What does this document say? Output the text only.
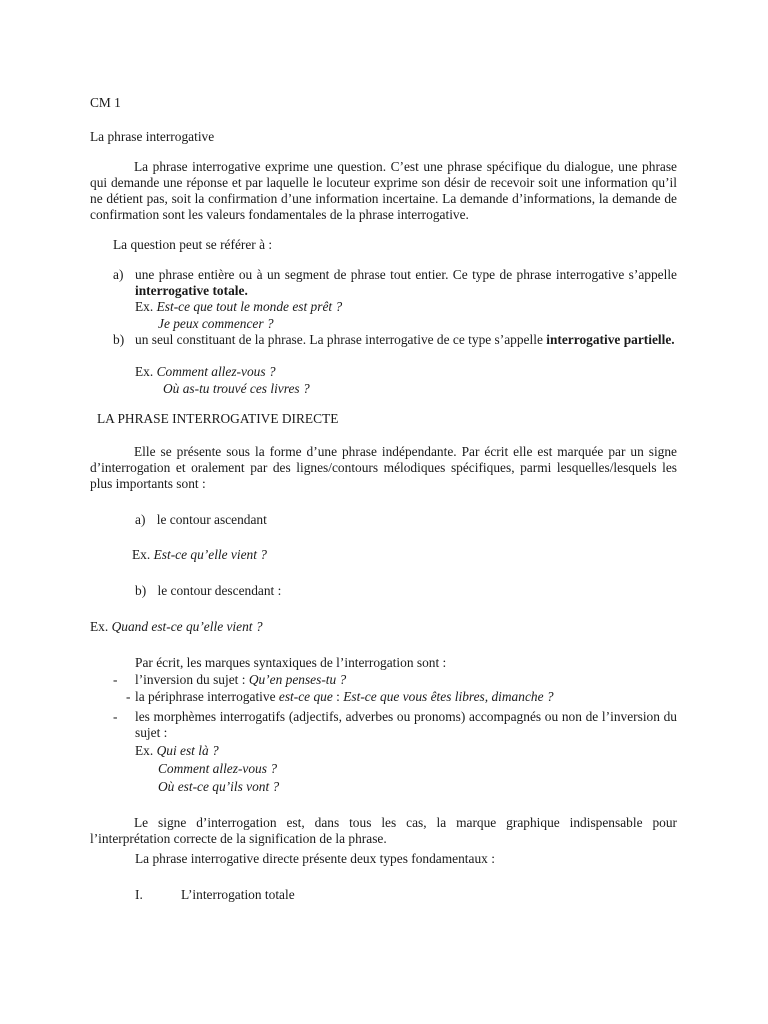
CM 1
La phrase interrogative

La phrase interrogative exprime une question. C’est une phrase spécifique du dialogue, une phrase qui demande une réponse et par laquelle le locuteur exprime son désir de recevoir soit une information qu’il ne détient pas, soit la confirmation d’une information incertaine. La demande d’informations, la demande de confirmation sont les valeurs fondamentales de la phrase interrogative.

La question peut se référer à :
a) une phrase entière ou à un segment de phrase tout entier. Ce type de phrase interrogative s’appelle interrogative totale.
Ex. Est-ce que tout le monde est prêt ?
Je peux commencer ?
b) un seul constituant de la phrase. La phrase interrogative de ce type s’appelle interrogative partielle.
Ex. Comment allez-vous ?
Où as-tu trouvé ces livres ?
LA PHRASE INTERROGATIVE DIRECTE

Elle se présente sous la forme d’une phrase indépendante. Par écrit elle est marquée par un signe d’interrogation et oralement par des lignes/contours mélodiques spécifiques, parmi lesquelles/lesquels les plus importants sont :

a) le contour ascendant
Ex. Est-ce qu’elle vient ?
b) le contour descendant :
Ex. Quand est-ce qu’elle vient ?
Par écrit, les marques syntaxiques de l’interrogation sont :
- l’inversion du sujet : Qu’en penses-tu ?
- la périphrase interrogative est-ce que : Est-ce que vous êtes libres, dimanche ?
- les morphèmes interrogatifs (adjectifs, adverbes ou pronoms) accompagnés ou non de l’inversion du sujet :
Ex. Qui est là ?
Comment allez-vous ?
Où est-ce qu’ils vont ?

Le signe d’interrogation est, dans tous les cas, la marque graphique indispensable pour l’interprétation correcte de la signification de la phrase.

La phrase interrogative directe présente deux types fondamentaux :
I.	L’interrogation totale
